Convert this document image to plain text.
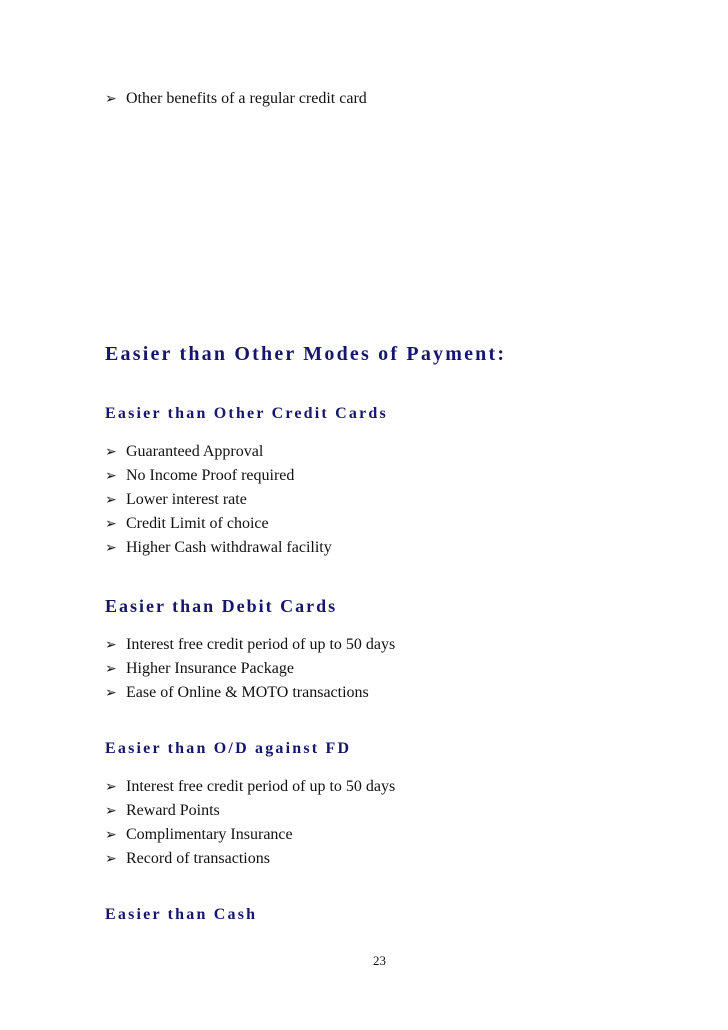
➢ Other benefits of a regular credit card
Easier than Other Modes of Payment:
Easier than Other Credit Cards
➢ Guaranteed Approval
➢ No Income Proof required
➢ Lower interest rate
➢ Credit Limit of choice
➢ Higher Cash withdrawal facility
Easier than Debit Cards
➢ Interest free credit period of up to 50 days
➢ Higher Insurance Package
➢ Ease of Online & MOTO transactions
Easier than O/D against FD
➢ Interest free credit period of up to 50 days
➢ Reward Points
➢ Complimentary Insurance
➢ Record of transactions
Easier than Cash
23
